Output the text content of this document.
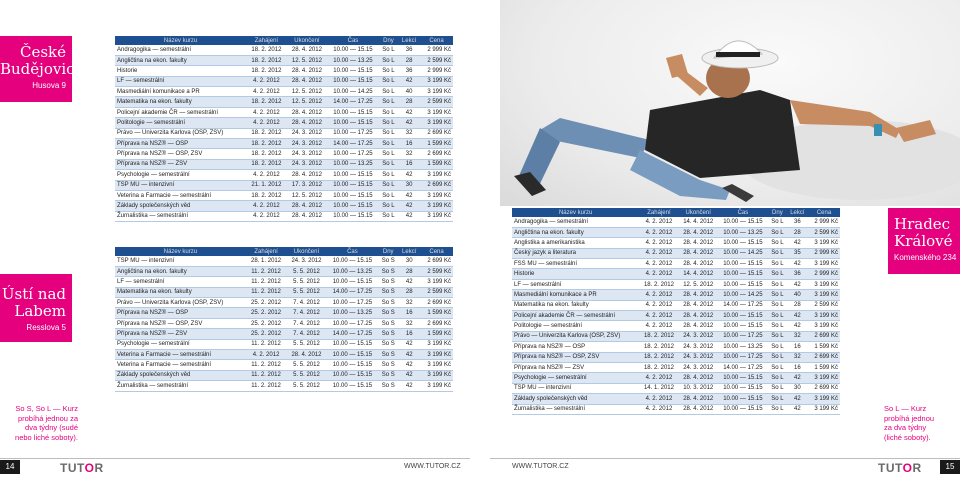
České
Budějovice
Husova 9
Ústí nad
Labem
Resslova 5
Název kurzu	Zahájení	Ukončení	Čas	Dny	Lekcí	Cena
Andragogika — semestrální	18. 2. 2012	28. 4. 2012	10.00 — 15.15	So L	36	2 999 Kč
Angličtina na ekon. fakulty	18. 2. 2012	12. 5. 2012	10.00 — 13.25	So L	28	2 599 Kč
Historie	18. 2. 2012	28. 4. 2012	10.00 — 15.15	So L	36	2 999 Kč
LF — semestrální	4. 2. 2012	28. 4. 2012	10.00 — 15.15	So L	42	3 199 Kč
Masmediální komunikace a PR	4. 2. 2012	12. 5. 2012	10.00 — 14.25	So L	40	3 199 Kč
Matematika na ekon. fakulty	18. 2. 2012	12. 5. 2012	14.00 — 17.25	So L	28	2 599 Kč
Policejní akademie ČR — semestrální	4. 2. 2012	28. 4. 2012	10.00 — 15.15	So L	42	3 199 Kč
Politologie — semestrální	4. 2. 2012	28. 4. 2012	10.00 — 15.15	So L	42	3 199 Kč
Právo — Univerzita Karlova (OSP, ZSV)	18. 2. 2012	24. 3. 2012	10.00 — 17.25	So L	32	2 699 Kč
Příprava na NSZ® — OSP	18. 2. 2012	24. 3. 2012	14.00 — 17.25	So L	16	1 599 Kč
Příprava na NSZ® — OSP, ZSV	18. 2. 2012	24. 3. 2012	10.00 — 17.25	So L	32	2 699 Kč
Příprava na NSZ® — ZSV	18. 2. 2012	24. 3. 2012	10.00 — 13.25	So L	16	1 599 Kč
Psychologie — semestrální	4. 2. 2012	28. 4. 2012	10.00 — 15.15	So L	42	3 199 Kč
TSP MU — intenzivní	21. 1. 2012	17. 3. 2012	10.00 — 15.15	So L	30	2 699 Kč
Veterina a Farmacie — semestrální	18. 2. 2012	12. 5. 2012	10.00 — 15.15	So L	42	3 199 Kč
Základy společenských věd	4. 2. 2012	28. 4. 2012	10.00 — 15.15	So L	42	3 199 Kč
Žurnalistika — semestrální	4. 2. 2012	28. 4. 2012	10.00 — 15.15	So L	42	3 199 Kč
Název kurzu	Zahájení	Ukončení	Čas	Dny	Lekcí	Cena
TSP MU — intenzivní	28. 1. 2012	24. 3. 2012	10.00 — 15.15	So S	30	2 699 Kč
Angličtina na ekon. fakulty	11. 2. 2012	5. 5. 2012	10.00 — 13.25	So S	28	2 599 Kč
LF — semestrální	11. 2. 2012	5. 5. 2012	10.00 — 15.15	So S	42	3 199 Kč
Matematika na ekon. fakulty	11. 2. 2012	5. 5. 2012	14.00 — 17.25	So S	28	2 599 Kč
Právo — Univerzita Karlova (OSP, ZSV)	25. 2. 2012	7. 4. 2012	10.00 — 17.25	So S	32	2 699 Kč
Příprava na NSZ® — OSP	25. 2. 2012	7. 4. 2012	10.00 — 13.25	So S	16	1 599 Kč
Příprava na NSZ® — OSP, ZSV	25. 2. 2012	7. 4. 2012	10.00 — 17.25	So S	32	2 699 Kč
Příprava na NSZ® — ZSV	25. 2. 2012	7. 4. 2012	14.00 — 17.25	So S	16	1 599 Kč
Psychologie — semestrální	11. 2. 2012	5. 5. 2012	10.00 — 15.15	So S	42	3 199 Kč
Veterina a Farmacie — semestrální	4. 2. 2012	28. 4. 2012	10.00 — 15.15	So S	42	3 199 Kč
Veterina a Farmacie — semestrální	11. 2. 2012	5. 5. 2012	10.00 — 15.15	So S	42	3 199 Kč
Základy společenských věd	11. 2. 2012	5. 5. 2012	10.00 — 15.15	So S	42	3 199 Kč
Žurnalistika — semestrální	11. 2. 2012	5. 5. 2012	10.00 — 15.15	So S	42	3 199 Kč
So S, So L — Kurz probíhá jednou za dva týdny (sudé nebo liché soboty).
14	TUTOR	WWW.TUTOR.CZ
Název kurzu	Zahájení	Ukončení	Čas	Dny	Lekcí	Cena
Andragogika — semestrální	4. 2. 2012	14. 4. 2012	10.00 — 15.15	So L	36	2 999 Kč
Angličtina na ekon. fakulty	4. 2. 2012	28. 4. 2012	10.00 — 13.25	So L	28	2 599 Kč
Anglistika a amerikanistika	4. 2. 2012	28. 4. 2012	10.00 — 15.15	So L	42	3 199 Kč
Český jazyk a literatura	4. 2. 2012	28. 4. 2012	10.00 — 14.25	So L	35	2 999 Kč
FSS MU — semestrální	4. 2. 2012	28. 4. 2012	10.00 — 15.15	So L	42	3 199 Kč
Historie	4. 2. 2012	14. 4. 2012	10.00 — 15.15	So L	36	2 999 Kč
LF — semestrální	18. 2. 2012	12. 5. 2012	10.00 — 15.15	So L	42	3 199 Kč
Masmediální komunikace a PR	4. 2. 2012	28. 4. 2012	10.00 — 14.25	So L	40	3 199 Kč
Matematika na ekon. fakulty	4. 2. 2012	28. 4. 2012	14.00 — 17.25	So L	28	2 599 Kč
Policejní akademie ČR — semestrální	4. 2. 2012	28. 4. 2012	10.00 — 15.15	So L	42	3 199 Kč
Politologie — semestrální	4. 2. 2012	28. 4. 2012	10.00 — 15.15	So L	42	3 199 Kč
Právo — Univerzita Karlova (OSP, ZSV)	18. 2. 2012	24. 3. 2012	10.00 — 17.25	So L	32	2 699 Kč
Příprava na NSZ® — OSP	18. 2. 2012	24. 3. 2012	10.00 — 13.25	So L	16	1 599 Kč
Příprava na NSZ® — OSP, ZSV	18. 2. 2012	24. 3. 2012	10.00 — 17.25	So L	32	2 699 Kč
Příprava na NSZ® — ZSV	18. 2. 2012	24. 3. 2012	14.00 — 17.25	So L	16	1 599 Kč
Psychologie — semestrální	4. 2. 2012	28. 4. 2012	10.00 — 15.15	So L	42	3 199 Kč
TSP MU — intenzivní	14. 1. 2012	10. 3. 2012	10.00 — 15.15	So L	30	2 699 Kč
Základy společenských věd	4. 2. 2012	28. 4. 2012	10.00 — 15.15	So L	42	3 199 Kč
Žurnalistika — semestrální	4. 2. 2012	28. 4. 2012	10.00 — 15.15	So L	42	3 199 Kč
Hradec
Králové
Komenského 234
So L — Kurz probíhá jednou za dva týdny (liché soboty).
WWW.TUTOR.CZ	TUTOR	15
